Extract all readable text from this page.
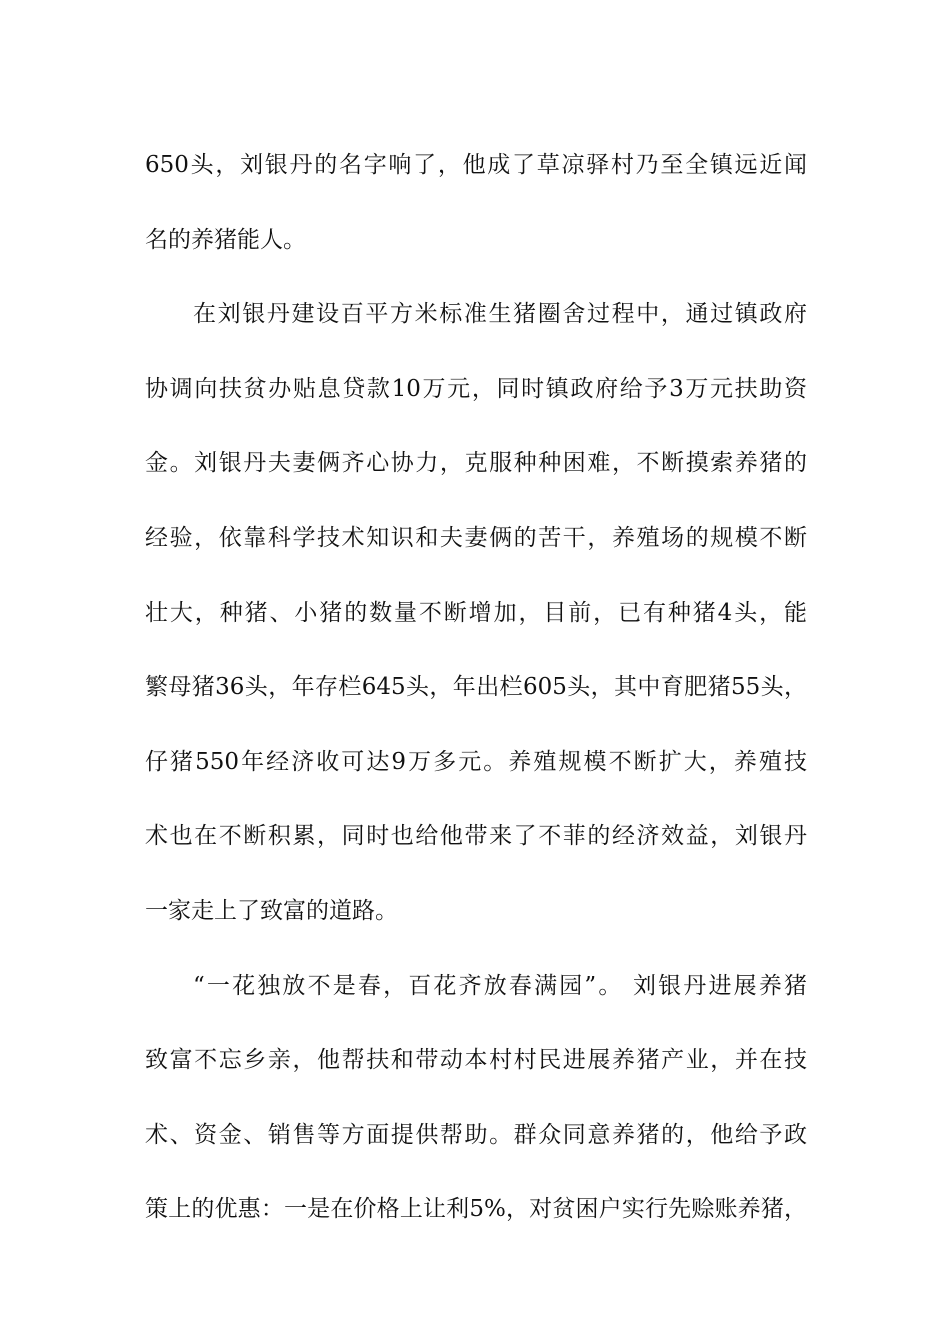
650头，刘银丹的名字响了，他成了草凉驿村乃至全镇远近闻
名的养猪能人。
在刘银丹建设百平方米标准生猪圈舍过程中，通过镇政府
协调向扶贫办贴息贷款10万元，同时镇政府给予3万元扶助资
金。刘银丹夫妻俩齐心协力，克服种种困难，不断摸索养猪的
经验，依靠科学技术知识和夫妻俩的苦干，养殖场的规模不断
壮大，种猪、小猪的数量不断增加，目前，已有种猪4头，能
繁母猪36头，年存栏645头，年出栏605头，其中育肥猪55头，
仔猪550年经济收可达9万多元。养殖规模不断扩大，养殖技
术也在不断积累，同时也给他带来了不菲的经济效益，刘银丹
一家走上了致富的道路。
“一花独放不是春，百花齐放春满园”。 刘银丹进展养猪
致富不忘乡亲，他帮扶和带动本村村民进展养猪产业，并在技
术、资金、销售等方面提供帮助。群众同意养猪的，他给予政
策上的优惠：一是在价格上让利5%，对贫困户实行先赊账养猪，
